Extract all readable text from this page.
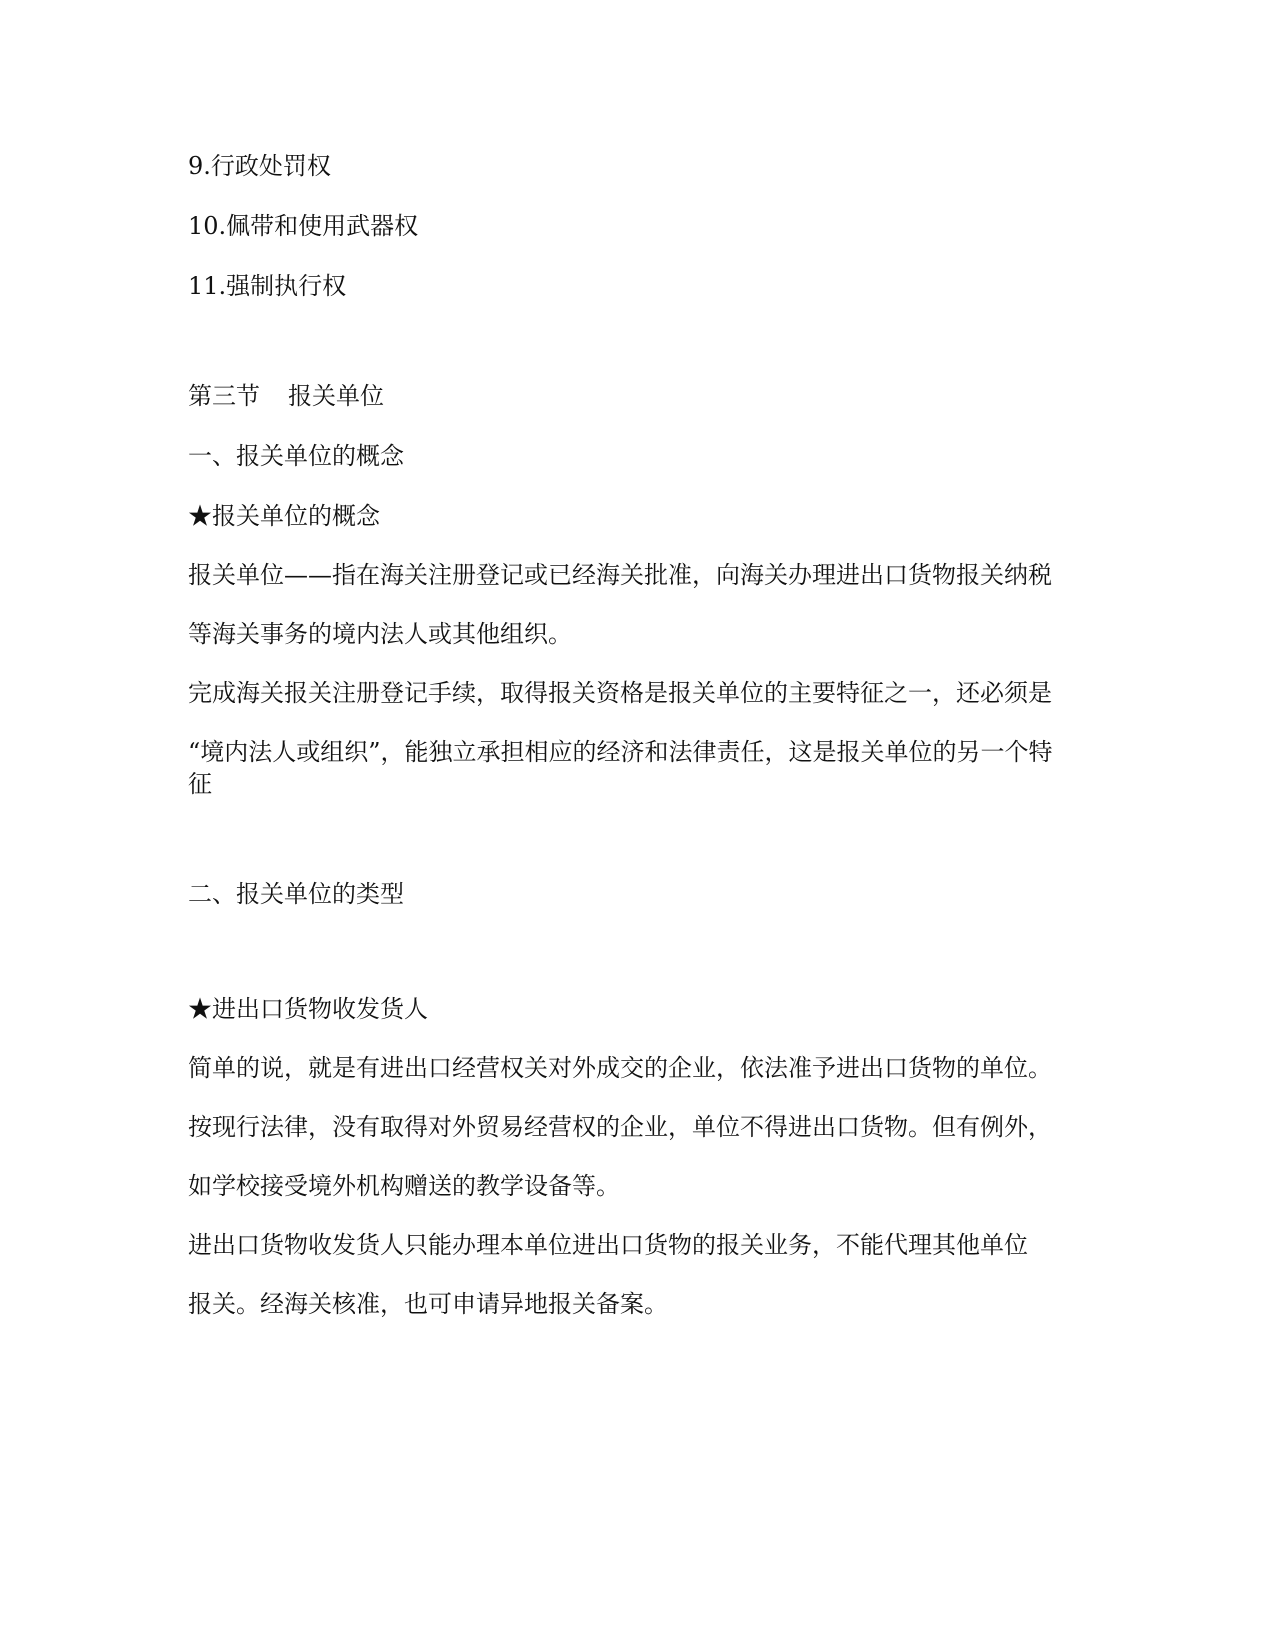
9.行政处罚权

10.佩带和使用武器权

11.强制执行权

第三节 报关单位

一、报关单位的概念

★报关单位的概念

报关单位——指在海关注册登记或已经海关批准，向海关办理进出口货物报关纳税

等海关事务的境内法人或其他组织。

完成海关报关注册登记手续，取得报关资格是报关单位的主要特征之一，还必须是

“境内法人或组织”，能独立承担相应的经济和法律责任，这是报关单位的另一个特

征

二、报关单位的类型

★进出口货物收发货人

简单的说，就是有进出口经营权关对外成交的企业，依法准予进出口货物的单位。

按现行法律，没有取得对外贸易经营权的企业，单位不得进出口货物。但有例外，

如学校接受境外机构赠送的教学设备等。

进出口货物收发货人只能办理本单位进出口货物的报关业务，不能代理其他单位

报关。经海关核准，也可申请异地报关备案。
